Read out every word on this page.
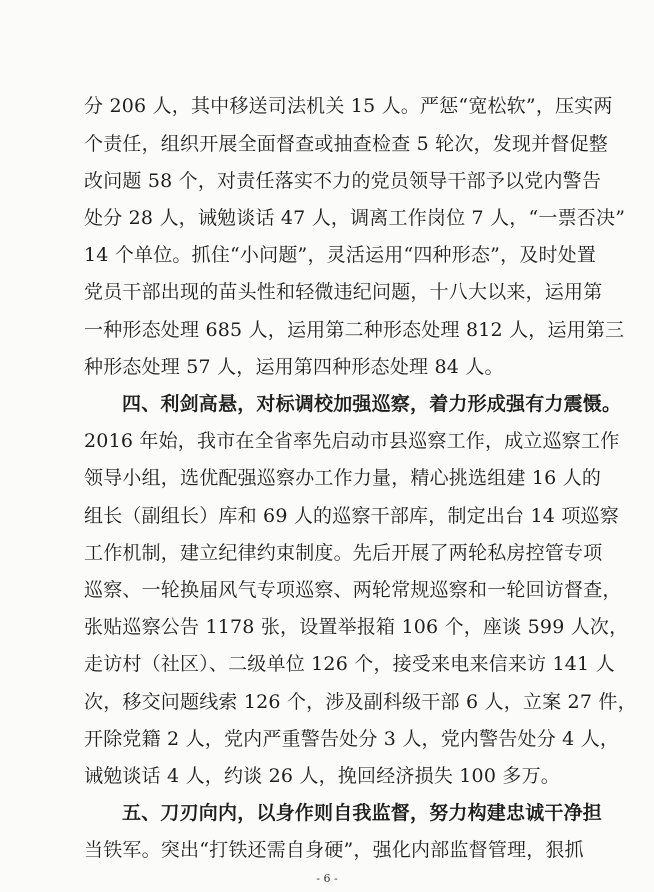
分 206 人，其中移送司法机关 15 人。严惩“宽松软”，压实两
个责任，组织开展全面督查或抽查检查 5 轮次，发现并督促整
改问题 58 个，对责任落实不力的党员领导干部予以党内警告
处分 28 人，诫勉谈话 47 人，调离工作岗位 7 人，“一票否决”
14 个单位。抓住“小问题”，灵活运用“四种形态”，及时处置
党员干部出现的苗头性和轻微违纪问题，十八大以来，运用第
一种形态处理 685 人，运用第二种形态处理 812 人，运用第三
种形态处理 57 人，运用第四种形态处理 84 人。
四、利剑高悬，对标调校加强巡察，着力形成强有力震慑。
2016 年始，我市在全省率先启动市县巡察工作，成立巡察工作
领导小组，选优配强巡察办工作力量，精心挑选组建 16 人的
组长（副组长）库和 69 人的巡察干部库，制定出台 14 项巡察
工作机制，建立纪律约束制度。先后开展了两轮私房控管专项
巡察、一轮换届风气专项巡察、两轮常规巡察和一轮回访督查，
张贴巡察公告 1178 张，设置举报箱 106 个，座谈 599 人次，
走访村（社区）、二级单位 126 个，接受来电来信来访 141 人
次，移交问题线索 126 个，涉及副科级干部 6 人，立案 27 件，
开除党籍 2 人，党内严重警告处分 3 人，党内警告处分 4 人，
诫勉谈话 4 人，约谈 26 人，挽回经济损失 100 多万。
五、刀刃向内，以身作则自我监督，努力构建忠诚干净担
当铁军。突出“打铁还需自身硬”，强化内部监督管理，狠抓
- 6 -
